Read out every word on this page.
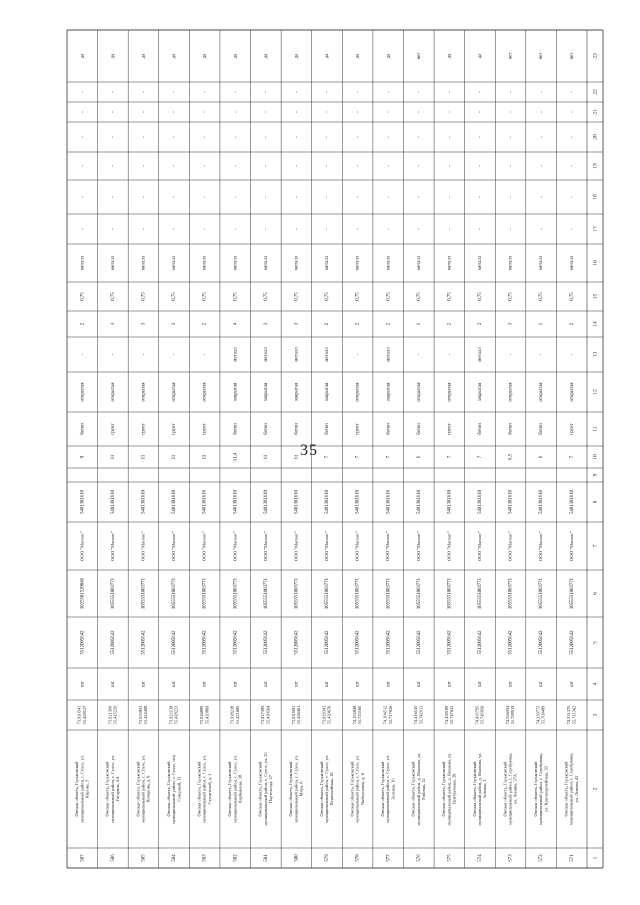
35
1
2
3
4
5
6
7
8
9
10
11
12
13
14
15
16
17
18
19
20
21
22
23
571
Омская область, Горьковский муниципальный район, с. Серебрянка, ул. Ленина, 42
74.251370 55.711362
шт
5512005642
1055551003771
ООО "Магнит"
5401381610
7
грунт
открытая
-
2
0,75
металл
-
-
-
-
-
-
нет
572
Омская область, Горьковский муниципальный район, с. Серебрянка, ул. Красноармейская, 20
74.259772 55.709489
шт
5512005642
1055551003771
ООО "Магнит"
5401381610
6
бетон
открытая
-
1
0,75
металл
-
-
-
-
-
-
нет
573
Омская область, Горьковский муниципальный район, с. Серебрянка, ул. Ленина, 27А
74.256094 55.708919
шт
5512005642
1055551003771
ООО "Магнит"
5401381610
6,5
бетон
открытая
-
3
0,75
металл
-
-
-
-
-
-
нет
574
Омская область, Горьковский муниципальный район, д. Яманова, ул. Зеленая, 2
74.435795 55.745956
шт
5512005642
1055551003771
ООО "Магнит"
5401381610
7
бетон
закрытая
металл
2
0,75
металл
-
-
-
-
-
-
да
575
Омская область, Горьковский муниципальный район, д. Яманова, ул. Центральная, 26
74.438189 55.747625
шт
5512005642
1055551003771
ООО "Магнит"
5401381610
7
грунт
открытая
-
2
0,75
металл
-
-
-
-
-
-
да
576
Омская область, Горьковский муниципальный район, д. Яманова, ул. Рабочая, 22
74.416145 55.742011
шт
5512005642
1055551003771
ООО "Магнит"
5401381610
6
бетон
открытая
-
1
0,75
металл
-
-
-
-
-
-
нет
577
Омская область, Горьковский муниципальный район, с. Сухое, ул. Зеленая, 30
74.104512 55.717826
шт
5512005642
1055551003771
ООО "Магнит"
5401381610
7
бетон
закрытая
металл
2
0,75
металл
-
-
-
-
-
-
да
578
Омская область, Горьковский муниципальный район, с. Сухое, ул. Набережная, д. 6
74.102848 55.723160
шт
5512005642
1055551003771
ООО "Магнит"
5401381610
7
грунт
открытая
-
2
0,75
металл
-
-
-
-
-
-
да
579
Омская область, Горьковский муниципальный район, с. Сухое, ул. Первомайская, 18
73.929341 55.429676
шт
5512005642
1055551003771
ООО "Магнит"
5401381610
7
бетон
закрытая
металл
2
0,75
металл
-
-
-
-
-
-
да
580
Омская область, Горьковский муниципальный район, с. Сухое, ул. Мира, 6
73.930081 55.426461
шт
5512005642
1055551003771
ООО "Магнит"
5401381610
11
бетон
закрытая
металл
3
0,75
металл
-
-
-
-
-
-
да
581
Омская область, Горьковский муниципальный район, с. Сухое, ул. 25 Партсъезда, 27
73.927389 55.428564
шт
5512005642
1055551003771
ООО "Магнит"
5401381610
11
бетон
закрытая
металл
3
0,75
металл
-
-
-
-
-
-
да
582
Омская область, Горьковский муниципальный район, с. Сухое, ул. Карбышева, 38
73.928238 55.421680
шт
5512005642
1055551003771
ООО "Магнит"
5401381610
11,4
бетон
закрытая
металл
4
0,75
металл
-
-
-
-
-
-
да
583
Омская область, Горьковский муниципальный район, с. Сухое, ул. Строителей, д. 1
73.926889 55.420869
шт
5512005642
1055551003771
ООО "Магнит"
5401381610
11
грунт
открытая
-
2
0,75
металл
-
-
-
-
-
-
да
584
Омская область, Горьковский муниципальный район, с. Сухое, пер. Северный, 11
73.922138 55.428223
шт
5512005642
1055551003771
ООО "Магнит"
5401381610
11
грунт
открытая
-
3
0,75
металл
-
-
-
-
-
-
да
585
Омская область, Горьковский муниципальный район, с. Сухое, ул. Комарова, д. 6
73.933803 55.424498
шт
5512005642
1055551003771
ООО "Магнит"
5401381610
11
грунт
открытая
-
3
0,75
металл
-
-
-
-
-
-
да
586
Омская область, Горьковский муниципальный район, с. Сухое, ул. Гагарина, 4 б
73.921300 55.415220
шт
5512005642
1055551003771
ООО "Магнит"
5401381610
11
грунт
открытая
-
3
0,75
металл
-
-
-
-
-
-
да
587
Омская область, Горьковский муниципальный район, с. Сухое, ул. Кирова, 3
73.920541 55.428127
шт
5512005642
1025501520046
ООО "Магнит"
5401381610
9
бетон
открытая
-
2
0,75
металл
-
-
-
-
-
-
да
